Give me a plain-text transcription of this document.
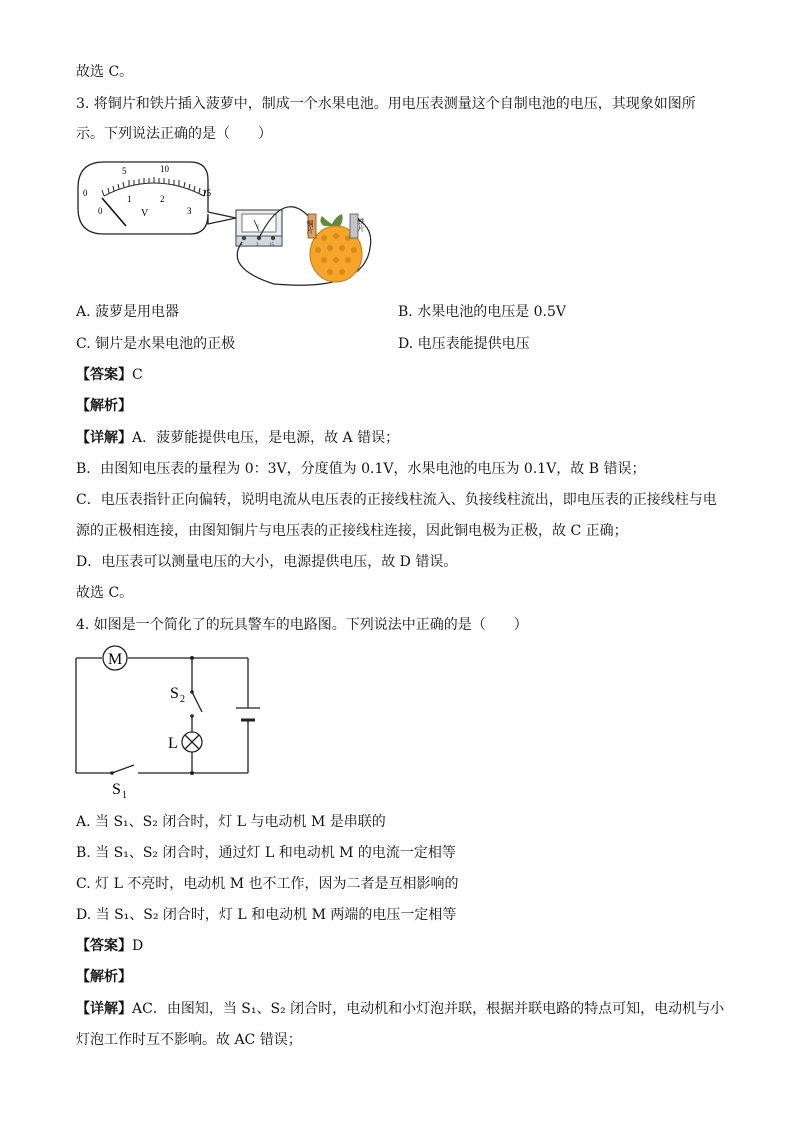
故选 C。
3. 将铜片和铁片插入菠萝中，制成一个水果电池。用电压表测量这个自制电池的电压，其现象如图所
示。下列说法正确的是（　　）
0
5	10
15
0
1	2
3
V
V
-	3 15
铜片	铁片
A. 菠萝是用电器	B. 水果电池的电压是 0.5V
C. 铜片是水果电池的正极	D. 电压表能提供电压
【答案】C
【解析】
【详解】A．菠萝能提供电压，是电源，故 A 错误；
B．由图知电压表的量程为 0：3V，分度值为 0.1V，水果电池的电压为 0.1V，故 B 错误；
C．电压表指针正向偏转，说明电流从电压表的正接线柱流入、负接线柱流出，即电压表的正接线柱与电
源的正极相连接，由图知铜片与电压表的正接线柱连接，因此铜电极为正极，故 C 正确；
D．电压表可以测量电压的大小，电源提供电压，故 D 错误。
故选 C。
4. 如图是一个简化了的玩具警车的电路图。下列说法中正确的是（　　）
M
L
S 2
S 1
A. 当 S₁、S₂ 闭合时，灯 L 与电动机 M 是串联的
B. 当 S₁、S₂ 闭合时，通过灯 L 和电动机 M 的电流一定相等
C. 灯 L 不亮时，电动机 M 也不工作，因为二者是互相影响的
D. 当 S₁、S₂ 闭合时，灯 L 和电动机 M 两端的电压一定相等
【答案】D
【解析】
【详解】AC．由图知，当 S₁、S₂ 闭合时，电动机和小灯泡并联，根据并联电路的特点可知，电动机与小
灯泡工作时互不影响。故 AC 错误；
